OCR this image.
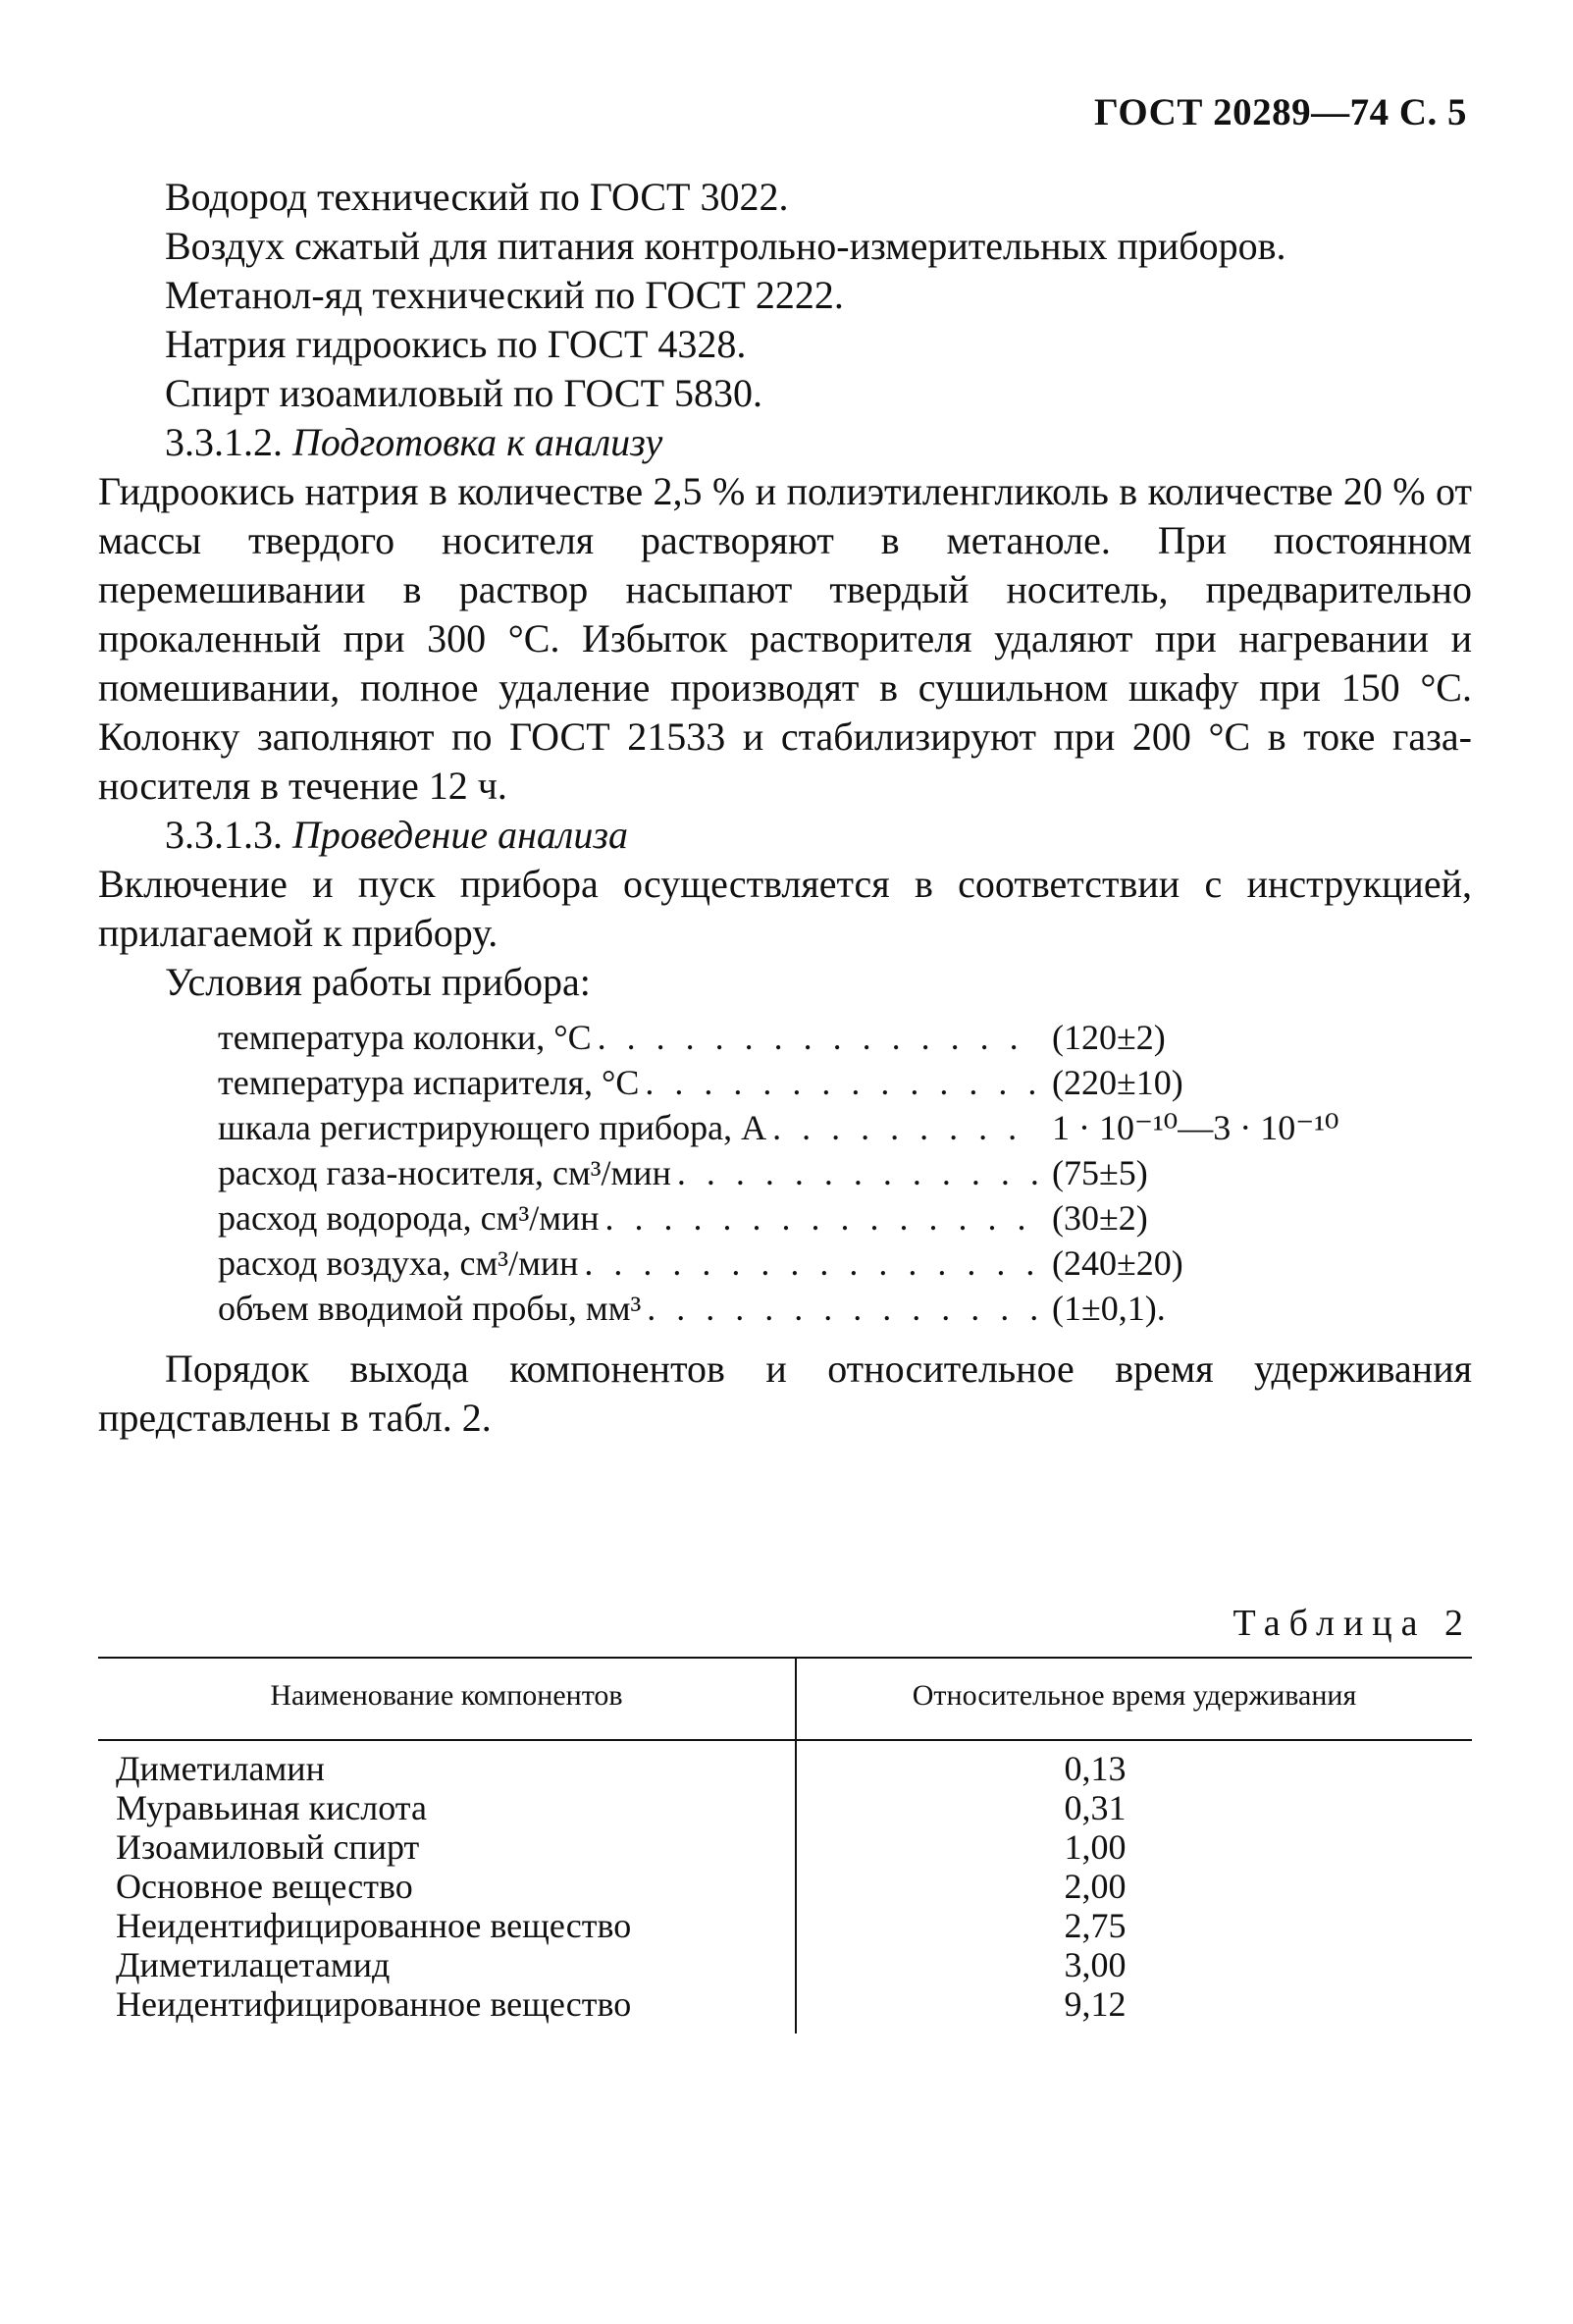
ГОСТ 20289—74 С. 5

Водород технический по ГОСТ 3022.

Воздух сжатый для питания контрольно-измерительных приборов.

Метанол-яд технический по ГОСТ 2222.

Натрия гидроокись по ГОСТ 4328.

Спирт изоамиловый по ГОСТ 5830.

3.3.1.2. Подготовка к анализу

Гидроокись натрия в количестве 2,5 % и полиэтиленгликоль в количестве 20 % от массы твердого носителя растворяют в метаноле. При постоянном перемешивании в раствор насыпают твердый носитель, предварительно прокаленный при 300 °С. Избыток растворителя удаляют при нагревании и помешивании, полное удаление производят в сушильном шкафу при 150 °С. Колонку заполняют по ГОСТ 21533 и стабилизируют при 200 °С в токе газа-носителя в течение 12 ч.

3.3.1.3. Проведение анализа

Включение и пуск прибора осуществляется в соответствии с инструкцией, прилагаемой к прибору.

Условия работы прибора:

температура колонки, °С . . .	(120±2)
температура испарителя, °С . . .	(220±10)
шкала регистрирующего прибора, А . . .	1 · 10⁻¹⁰—3 · 10⁻¹⁰
расход газа-носителя, см³/мин . . .	(75±5)
расход водорода, см³/мин . . .	(30±2)
расход воздуха, см³/мин . . .	(240±20)
объем вводимой пробы, мм³ . . .	(1±0,1).

Порядок выхода компонентов и относительное время удерживания представлены в табл. 2.

Таблица 2
Наименование компонентов	Относительное время удерживания
Диметиламин	0,13
Муравьиная кислота	0,31
Изоамиловый спирт	1,00
Основное вещество	2,00
Неидентифицированное вещество	2,75
Диметилацетамид	3,00
Неидентифицированное вещество	9,12
